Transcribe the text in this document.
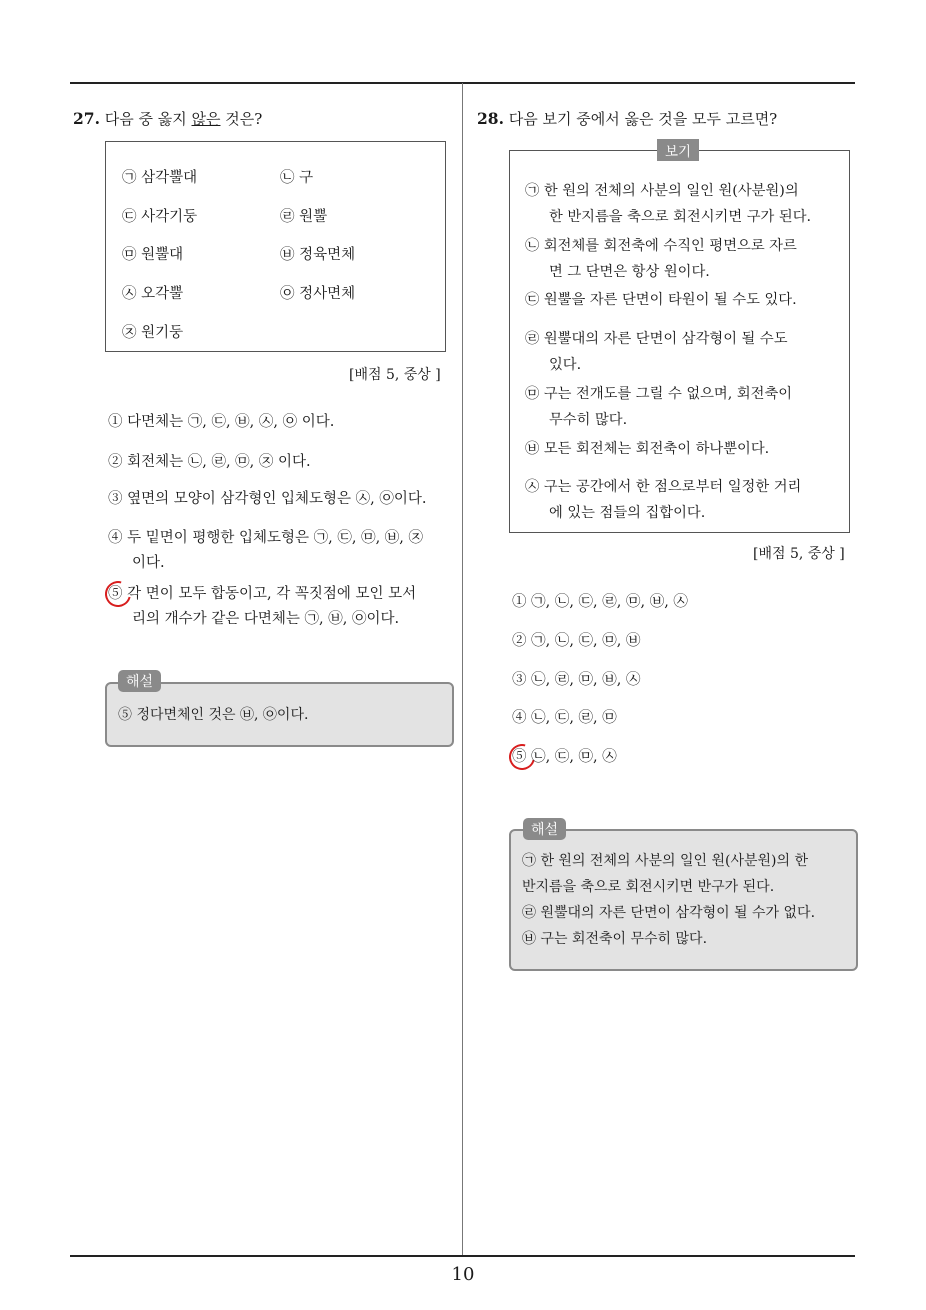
27. 다음 중 옳지 않은 것은?
㉠ 삼각뿔대	㉡ 구
㉢ 사각기둥	㉣ 원뿔
㉤ 원뿔대	㉥ 정육면체
㉦ 오각뿔	㉧ 정사면체
㉨ 원기둥
[배점 5, 중상 ]
① 다면체는 ㉠, ㉢, ㉥, ㉦, ㉧ 이다.
② 회전체는 ㉡, ㉣, ㉤, ㉨ 이다.
③ 옆면의 모양이 삼각형인 입체도형은 ㉦, ㉧이다.
④ 두 밑면이 평행한 입체도형은 ㉠, ㉢, ㉤, ㉥, ㉨
이다.
⑤ 각 면이 모두 합동이고, 각 꼭짓점에 모인 모서
리의 개수가 같은 다면체는 ㉠, ㉥, ㉧이다.
해설
⑤ 정다면체인 것은 ㉥, ㉧이다.
28. 다음 보기 중에서 옳은 것을 모두 고르면?
보기
㉠ 한 원의 전체의 사분의 일인 원(사분원)의
한 반지름을 축으로 회전시키면 구가 된다.
㉡ 회전체를 회전축에 수직인 평면으로 자르
면 그 단면은 항상 원이다.
㉢ 원뿔을 자른 단면이 타원이 될 수도 있다.
㉣ 원뿔대의 자른 단면이 삼각형이 될 수도
있다.
㉤ 구는 전개도를 그릴 수 없으며, 회전축이
무수히 많다.
㉥ 모든 회전체는 회전축이 하나뿐이다.
㉦ 구는 공간에서 한 점으로부터 일정한 거리
에 있는 점들의 집합이다.
[배점 5, 중상 ]
① ㉠, ㉡, ㉢, ㉣, ㉤, ㉥, ㉦
② ㉠, ㉡, ㉢, ㉤, ㉥
③ ㉡, ㉣, ㉤, ㉥, ㉦
④ ㉡, ㉢, ㉣, ㉤
⑤ ㉡, ㉢, ㉤, ㉦
해설
㉠ 한 원의 전체의 사분의 일인 원(사분원)의 한
반지름을 축으로 회전시키면 반구가 된다.
㉣ 원뿔대의 자른 단면이 삼각형이 될 수가 없다.
㉥ 구는 회전축이 무수히 많다.
10
